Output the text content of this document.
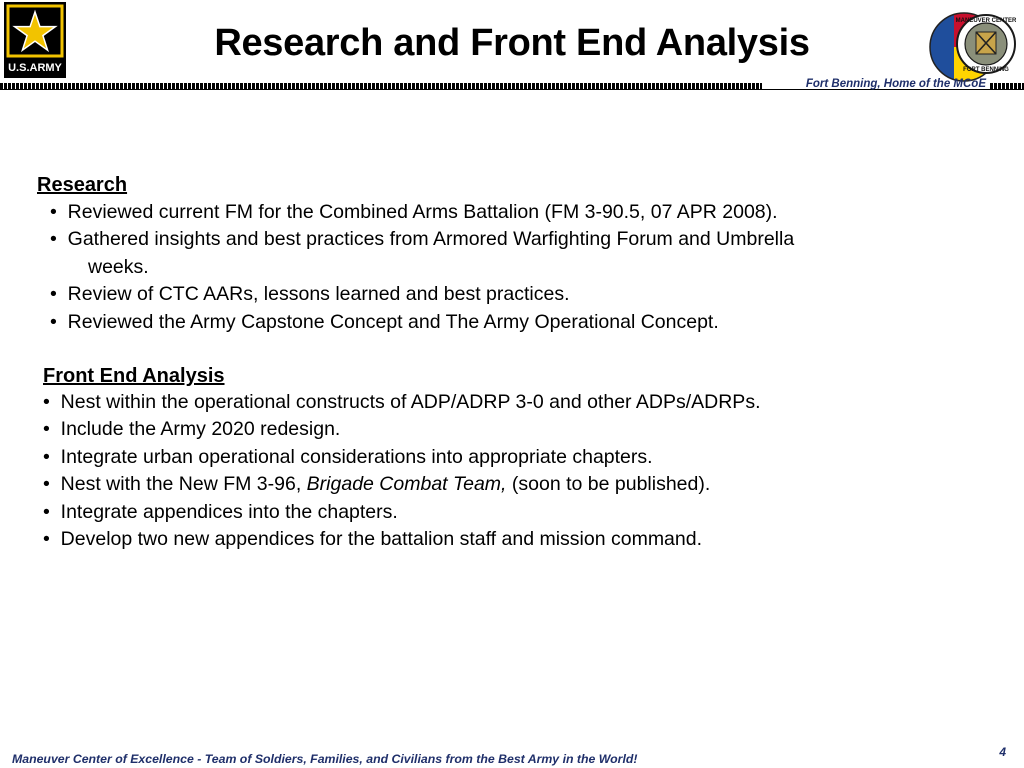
U.S.ARMY
Research and Front End Analysis
MANEUVER CENTER
FORT BENNING
Fort Benning, Home of the MCoE
Research
• Reviewed current FM for the Combined Arms Battalion (FM 3-90.5, 07 APR 2008).
• Gathered insights and best practices from Armored Warfighting Forum and Umbrella
weeks.
• Review of CTC AARs, lessons learned and best practices.
• Reviewed the Army Capstone Concept and The Army Operational Concept.
Front End Analysis
• Nest within the operational constructs of ADP/ADRP 3-0 and other ADPs/ADRPs.
• Include the Army 2020 redesign.
• Integrate urban operational considerations into appropriate chapters.
• Nest with the New FM 3-96, Brigade Combat Team, (soon to be published).
• Integrate appendices into the chapters.
• Develop two new appendices for the battalion staff and mission command.
Maneuver Center of Excellence - Team of Soldiers, Families, and Civilians from the Best Army in the World!	4
